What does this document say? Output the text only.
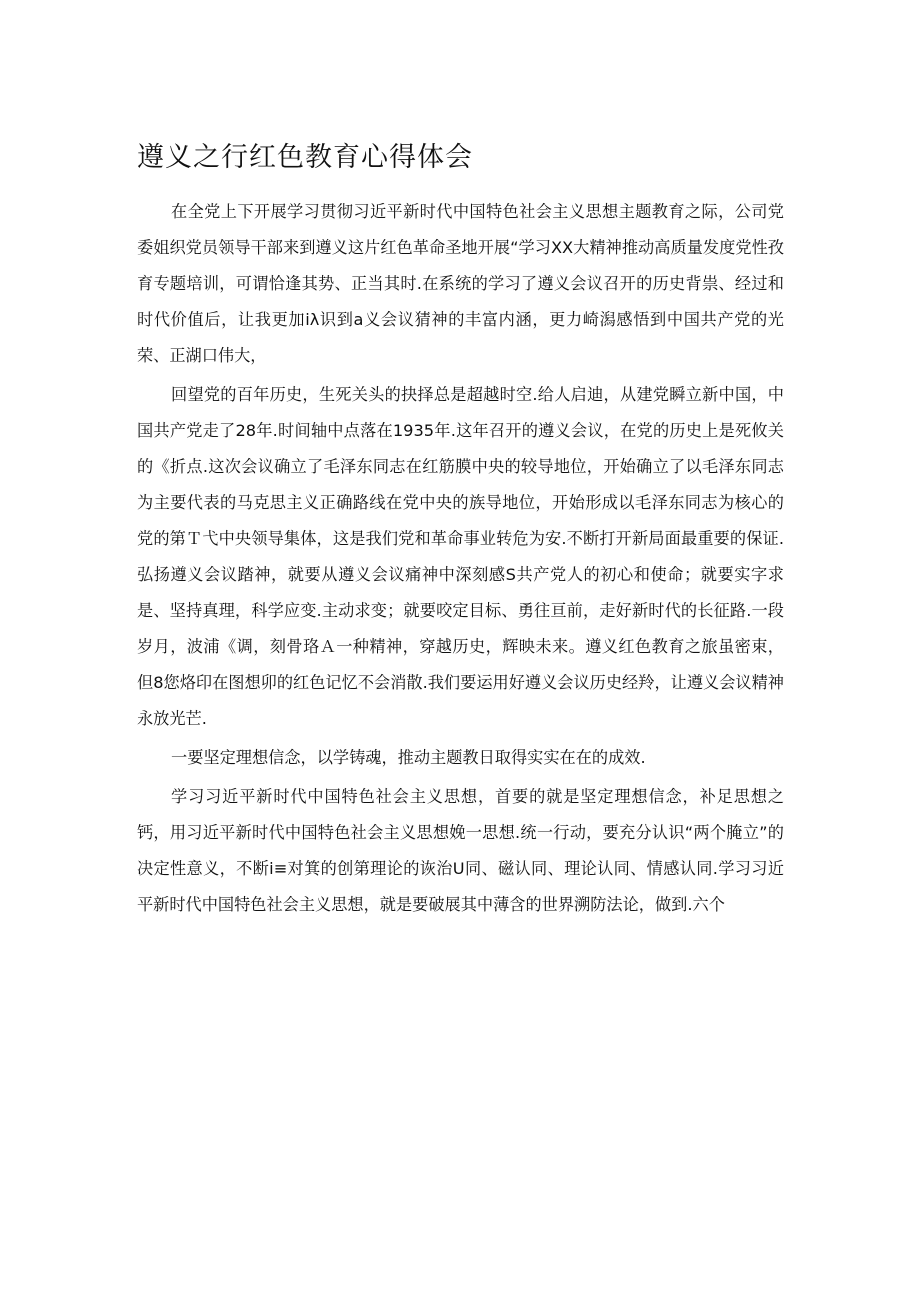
遵义之行红色教育心得体会

在全党上下开展学习贯彻习近平新时代中国特色社会主义思想主题教育之际，公司党委姐织党员领导干部来到遵义这片红色革命圣地开展“学习XX大精神推动高质量发度党性孜育专题培训，可谓恰逢其势、正当其时.在系统的学习了遵义会议召开的历史背祟、经过和时代价值后，让我更加iλ识到a义会议猜神的丰富内涵，更力崎潟感悟到中国共产党的光荣、正湖口伟大，

回望党的百年历史，生死关头的抉择总是超越时空.给人启迪，从建党瞬立新中国，中国共产党走了28年.时间轴中点落在1935年.这年召开的遵义会议，在党的历史上是死攸关的《折点.这次会议确立了毛泽东同志在红筋膜中央的较导地位，开始确立了以毛泽东同志为主要代表的马克思主义正确路线在党中央的族导地位，开始形成以毛泽东同志为核心的党的第Ｔ弋中央领导集体，这是我们党和革命事业转危为安.不断打开新局面最重要的保证.弘扬遵义会议踏神，就要从遵义会议痛神中深刻感S共产党人的初心和使命；就要实字求是、坚持真理，科学应变.主动求变；就要咬定目标、勇往亘前，走好新时代的长征路.一段岁月，波浦《调，刻骨珞Ａ一种精神，穿越历史，辉映未来。遵义红色教育之旅虽密束，但8您烙印在图想卯的红色记忆不会消散.我们要运用好遵义会议历史经羚，让遵义会议精神永放光芒.

一要坚定理想信念，以学铸魂，推动主题教日取得实实在在的成效.

学习习近平新时代中国特色社会主义思想，首要的就是坚定理想信念，补足思想之钙，用习近平新时代中国特色社会主义思想娩一思想.统一行动，要充分认识“两个腌立”的决定性意义，不断i≡对箕的创第理论的诙治U同、磁认同、理论认同、情感认同.学习习近平新时代中国特色社会主义思想，就是要破展其中薄含的世界溯防法论，做到.六个
